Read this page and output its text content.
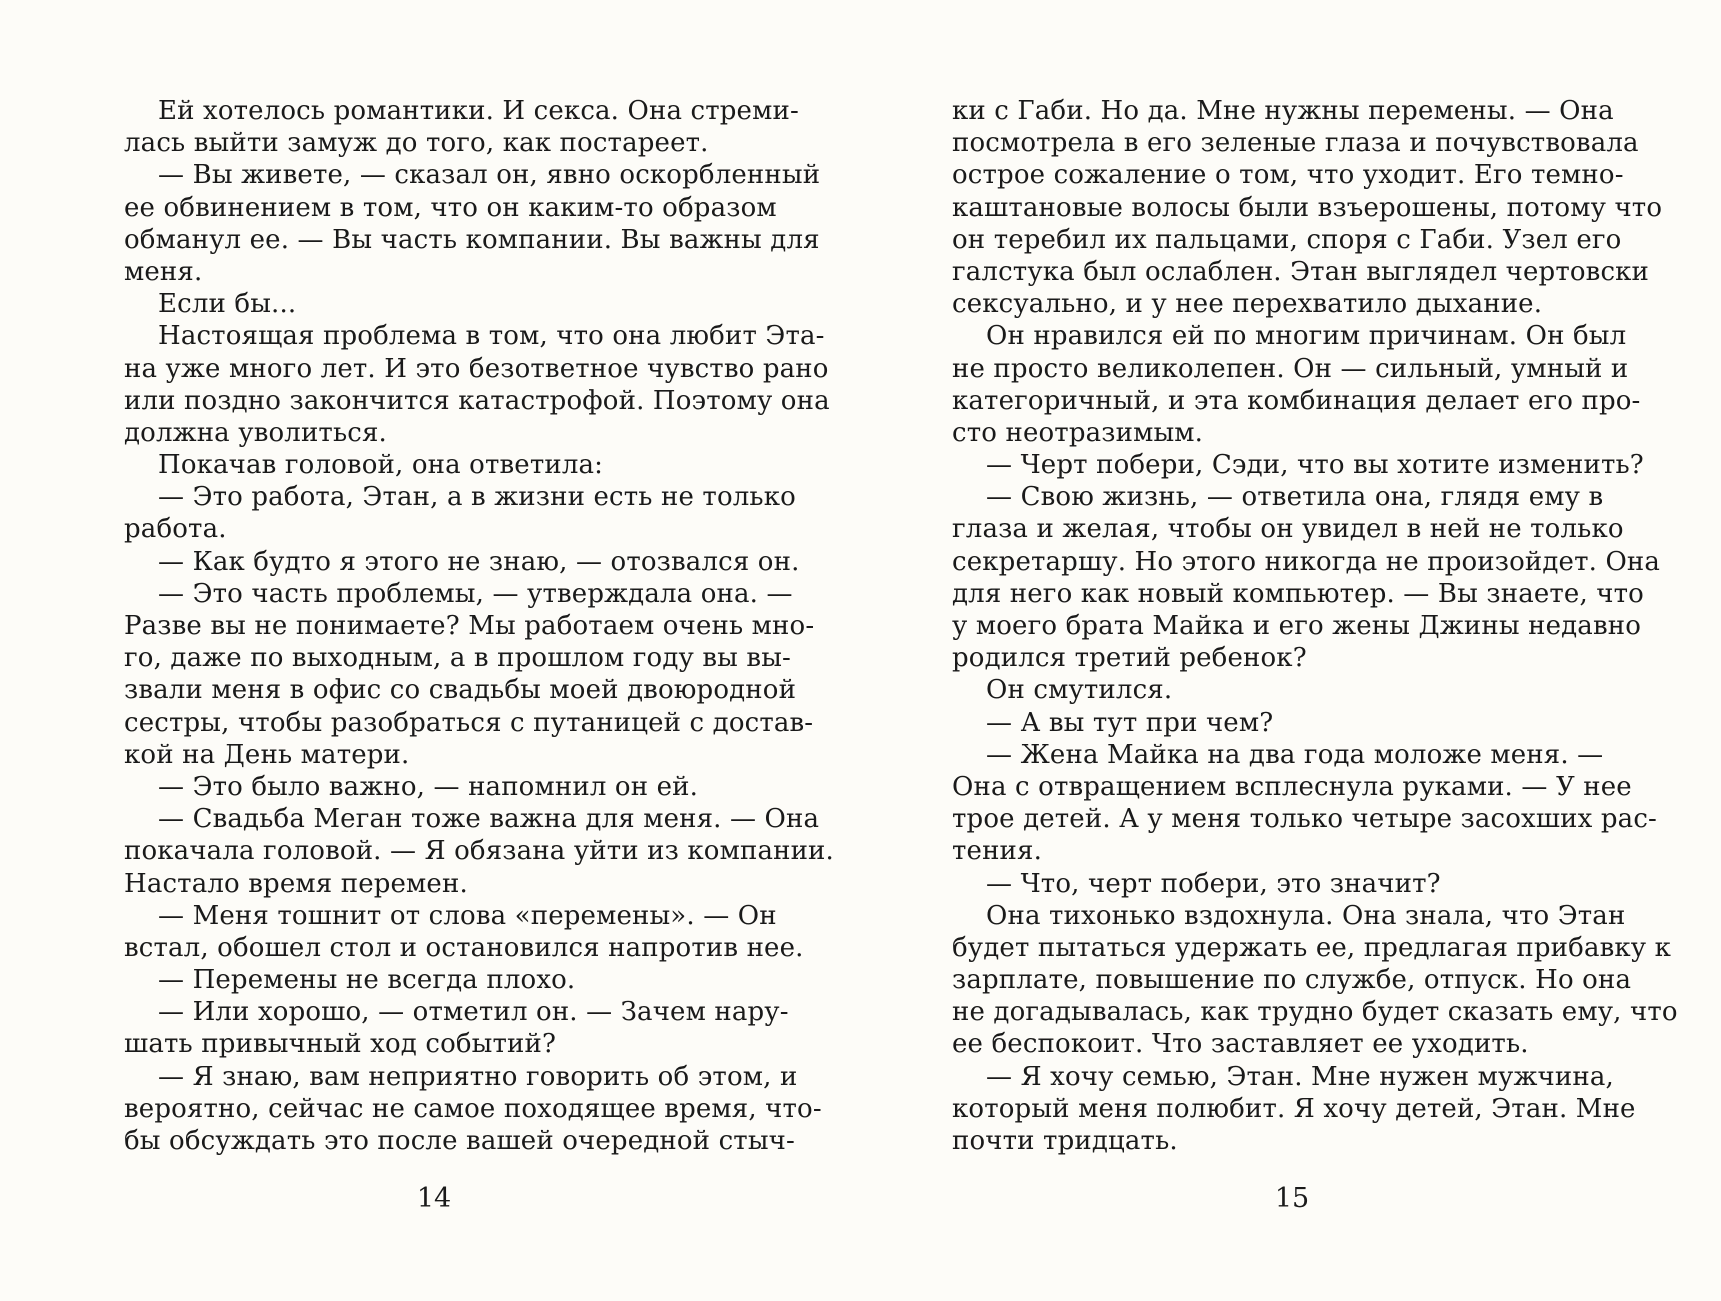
Ей хотелось романтики. И секса. Она стреми-
лась выйти замуж до того, как постареет.
— Вы живете, — сказал он, явно оскорбленный
ее обвинением в том, что он каким-то образом
обманул ее. — Вы часть компании. Вы важны для
меня.
Если бы...
Настоящая проблема в том, что она любит Эта-
на уже много лет. И это безответное чувство рано
или поздно закончится катастрофой. Поэтому она
должна уволиться.
Покачав головой, она ответила:
— Это работа, Этан, а в жизни есть не только
работа.
— Как будто я этого не знаю, — отозвался он.
— Это часть проблемы, — утверждала она. —
Разве вы не понимаете? Мы работаем очень мно-
го, даже по выходным, а в прошлом году вы вы-
звали меня в офис со свадьбы моей двоюродной
сестры, чтобы разобраться с путаницей с достав-
кой на День матери.
— Это было важно, — напомнил он ей.
— Свадьба Меган тоже важна для меня. — Она
покачала головой. — Я обязана уйти из компании.
Настало время перемен.
— Меня тошнит от слова «перемены». — Он
встал, обошел стол и остановился напротив нее.
— Перемены не всегда плохо.
— Или хорошо, — отметил он. — Зачем нару-
шать привычный ход событий?
— Я знаю, вам неприятно говорить об этом, и
вероятно, сейчас не самое походящее время, что-
бы обсуждать это после вашей очередной стыч-
ки с Габи. Но да. Мне нужны перемены. — Она
посмотрела в его зеленые глаза и почувствовала
острое сожаление о том, что уходит. Его темно-
каштановые волосы были взъерошены, потому что
он теребил их пальцами, споря с Габи. Узел его
галстука был ослаблен. Этан выглядел чертовски
сексуально, и у нее перехватило дыхание.
Он нравился ей по многим причинам. Он был
не просто великолепен. Он — сильный, умный и
категоричный, и эта комбинация делает его про-
сто неотразимым.
— Черт побери, Сэди, что вы хотите изменить?
— Свою жизнь, — ответила она, глядя ему в
глаза и желая, чтобы он увидел в ней не только
секретаршу. Но этого никогда не произойдет. Она
для него как новый компьютер. — Вы знаете, что
у моего брата Майка и его жены Джины недавно
родился третий ребенок?
Он смутился.
— А вы тут при чем?
— Жена Майка на два года моложе меня. —
Она с отвращением всплеснула руками. — У нее
трое детей. А у меня только четыре засохших рас-
тения.
— Что, черт побери, это значит?
Она тихонько вздохнула. Она знала, что Этан
будет пытаться удержать ее, предлагая прибавку к
зарплате, повышение по службе, отпуск. Но она
не догадывалась, как трудно будет сказать ему, что
ее беспокоит. Что заставляет ее уходить.
— Я хочу семью, Этан. Мне нужен мужчина,
который меня полюбит. Я хочу детей, Этан. Мне
почти тридцать.
14	15
